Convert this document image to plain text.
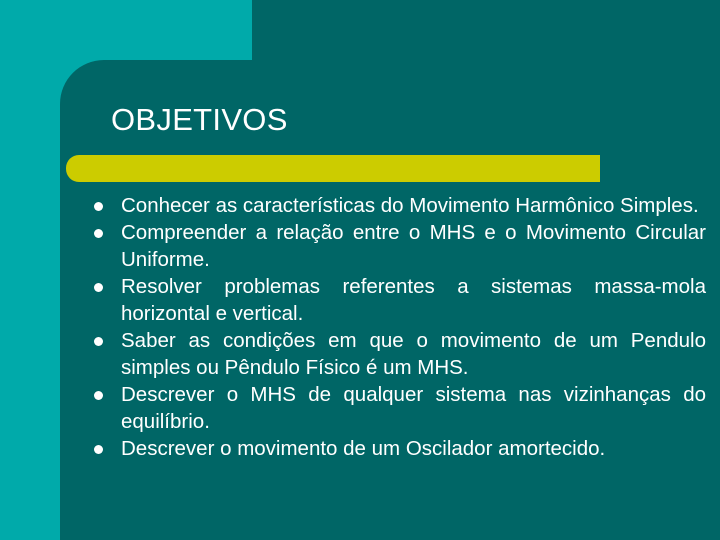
OBJETIVOS
Conhecer as características do Movimento Harmônico Simples.
Compreender a relação entre o MHS e o Movimento Circular Uniforme.
Resolver problemas referentes a sistemas massa-mola horizontal e vertical.
Saber as condições em que o movimento de um Pendulo simples ou Pêndulo Físico é um MHS.
Descrever o MHS de qualquer sistema nas vizinhanças do equilíbrio.
Descrever o movimento de um Oscilador amortecido.
